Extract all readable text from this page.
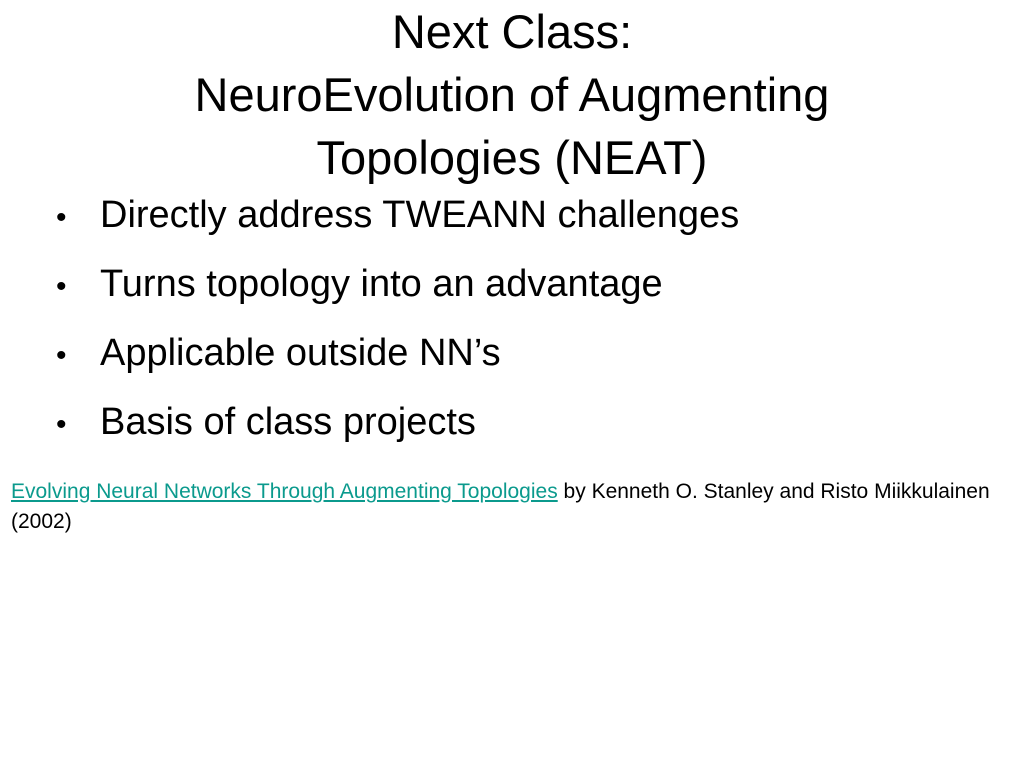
Next Class:
NeuroEvolution of Augmenting
Topologies (NEAT)
• Directly address TWEANN challenges
• Turns topology into an advantage
• Applicable outside NN’s
• Basis of class projects
Evolving Neural Networks Through Augmenting Topologies by Kenneth O. Stanley and Risto Miikkulainen (2002)
